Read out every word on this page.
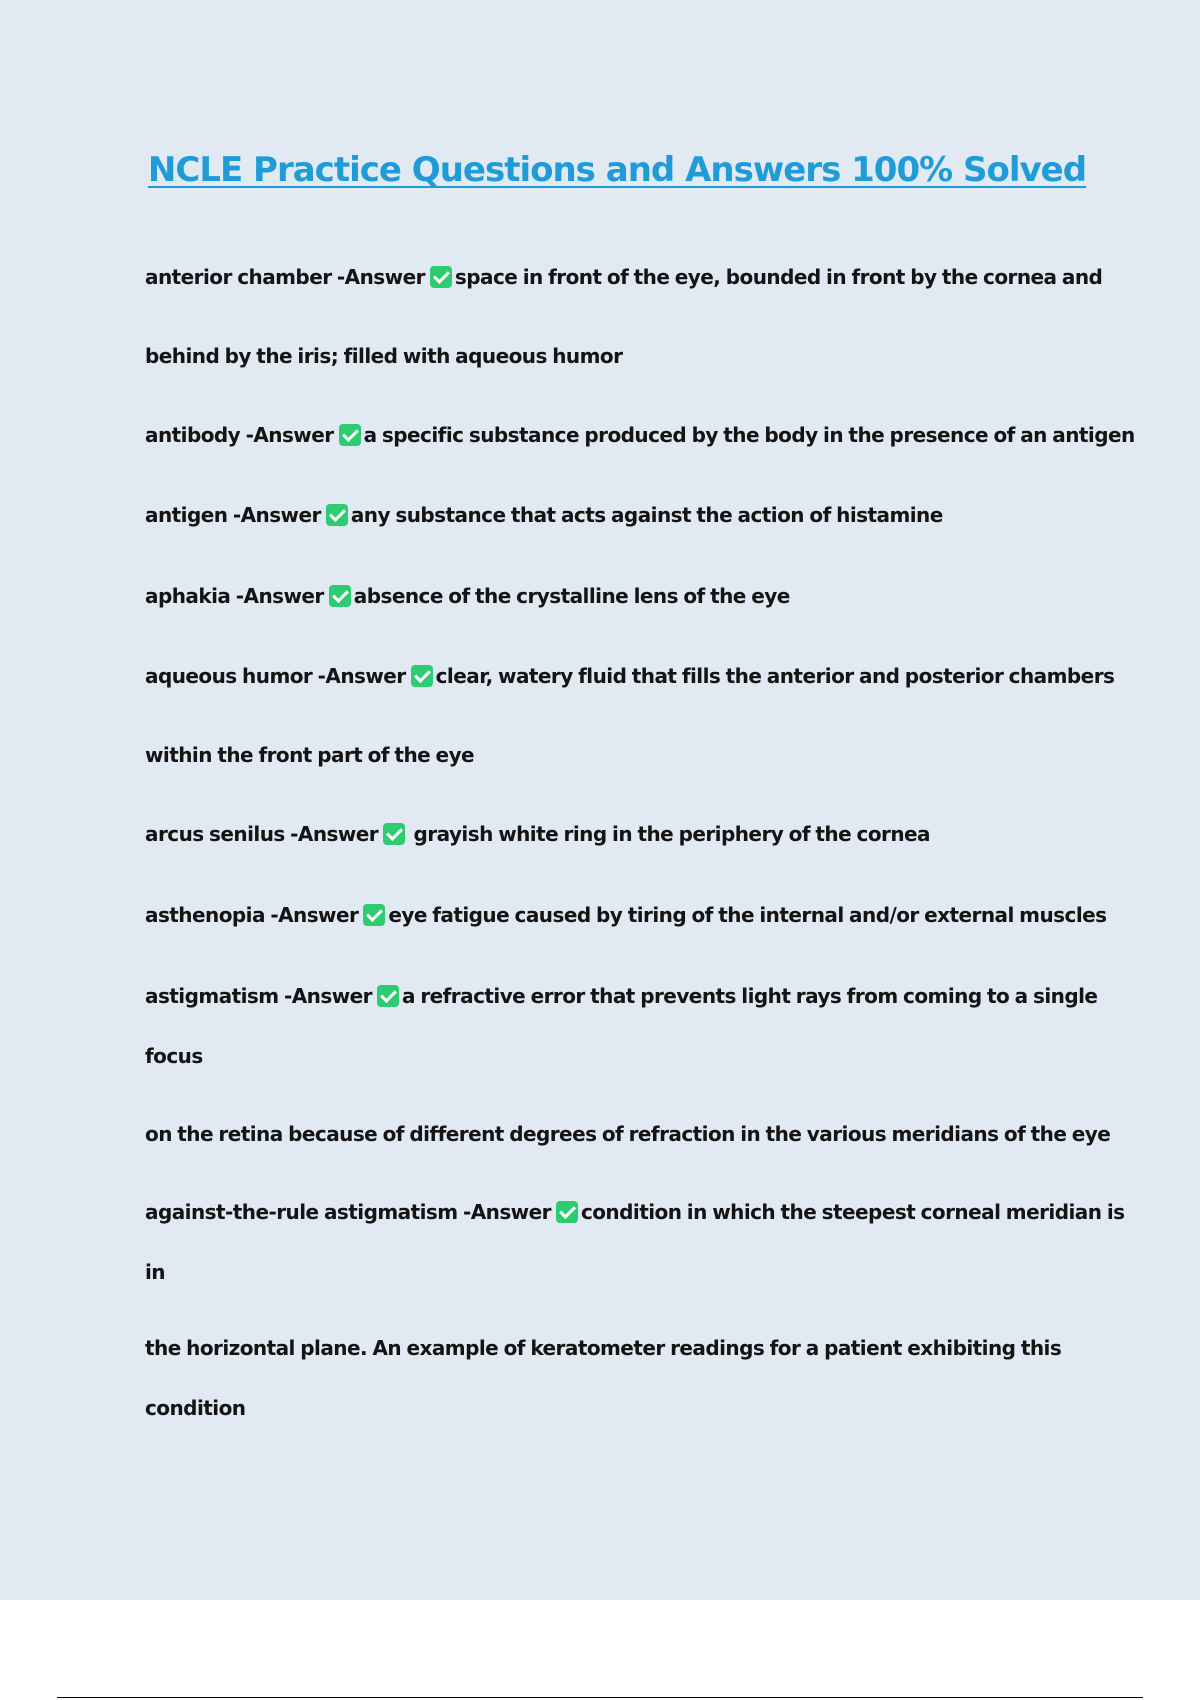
NCLE Practice Questions and Answers 100% Solved
anterior chamber -Answer space in front of the eye, bounded in front by the cornea and
behind by the iris; filled with aqueous humor
antibody -Answer a specific substance produced by the body in the presence of an antigen
antigen -Answer any substance that acts against the action of histamine
aphakia -Answer absence of the crystalline lens of the eye
aqueous humor -Answer clear, watery fluid that fills the anterior and posterior chambers
within the front part of the eye
arcus senilus -Answer grayish white ring in the periphery of the cornea
asthenopia -Answer eye fatigue caused by tiring of the internal and/or external muscles
astigmatism -Answer a refractive error that prevents light rays from coming to a single
focus
on the retina because of different degrees of refraction in the various meridians of the eye
against-the-rule astigmatism -Answer condition in which the steepest corneal meridian is
in
the horizontal plane. An example of keratometer readings for a patient exhibiting this
condition
